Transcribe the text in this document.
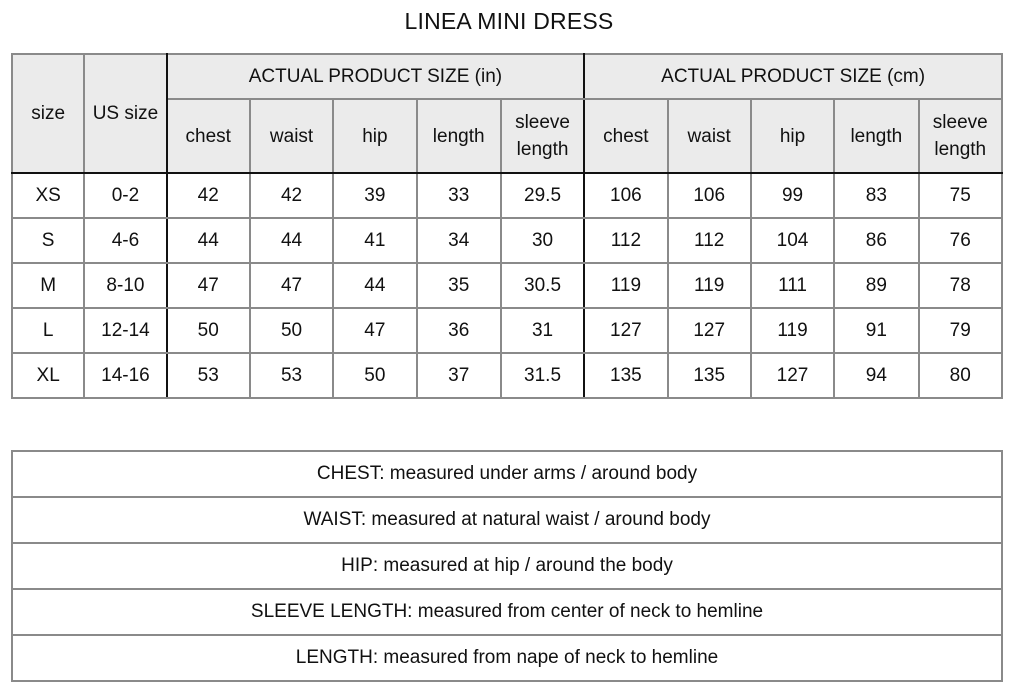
LINEA MINI DRESS
size	US size	ACTUAL PRODUCT SIZE (in)					ACTUAL PRODUCT SIZE (cm)				
		chest	waist	hip	length	sleeve length	chest	waist	hip	length	sleeve length
XS	0-2	42	42	39	33	29.5	106	106	99	83	75
S	4-6	44	44	41	34	30	112	112	104	86	76
M	8-10	47	47	44	35	30.5	119	119	111	89	78
L	12-14	50	50	47	36	31	127	127	119	91	79
XL	14-16	53	53	50	37	31.5	135	135	127	94	80
CHEST: measured under arms / around body
WAIST: measured at natural waist / around body
HIP: measured at hip / around the body
SLEEVE LENGTH: measured from center of neck to hemline
LENGTH: measured from nape of neck to hemline
